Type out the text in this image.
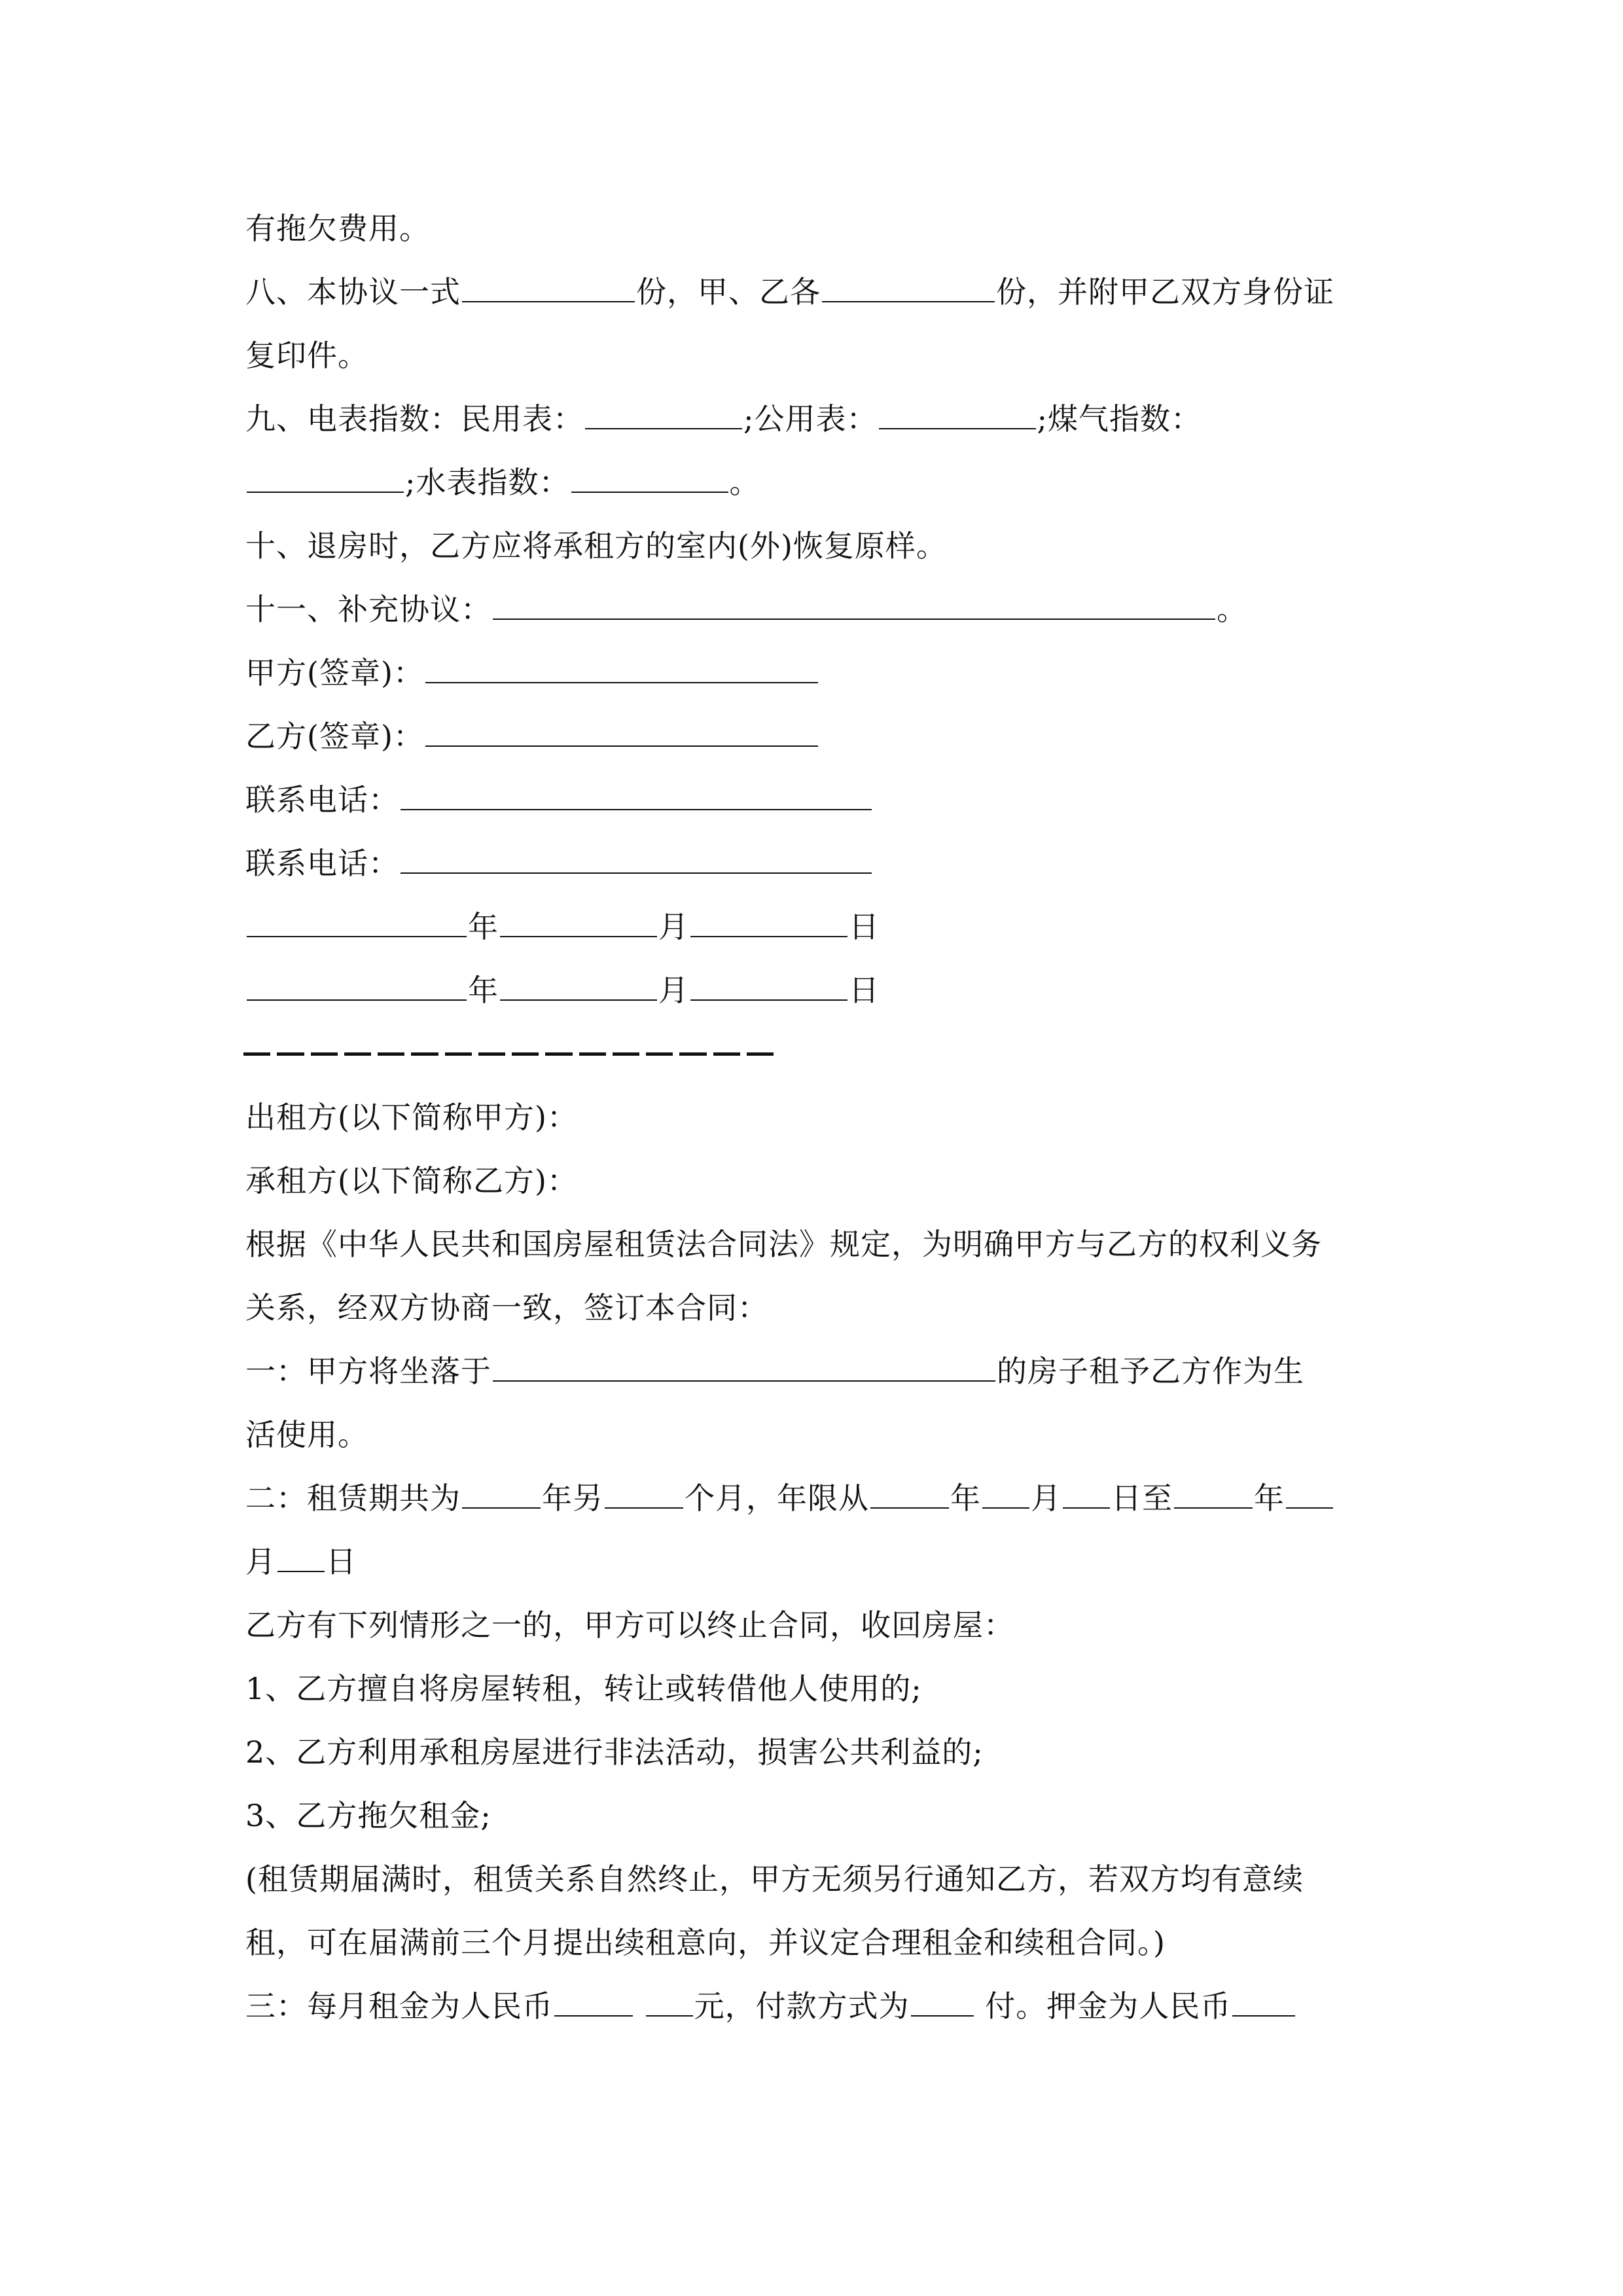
有拖欠费用。
八、本协议一式	份，甲、乙各	份，并附甲乙双方身份证
复印件。
九、电表指数：民用表：	;公用表：	;煤气指数：
;水表指数：	。
十、退房时，乙方应将承租方的室内(外)恢复原样。
十一、补充协议：	。
甲方(签章)：
乙方(签章)：
联系电话：
联系电话：
年	月	日
年	月	日
出租方(以下简称甲方)：
承租方(以下简称乙方)：
根据《中华人民共和国房屋租赁法合同法》规定，为明确甲方与乙方的权利义务
关系，经双方协商一致，签订本合同：
一：甲方将坐落于	的房子租予乙方作为生
活使用。
二：租赁期共为	年另	个月，年限从	年 月 日至	年
月 日
乙方有下列情形之一的，甲方可以终止合同，收回房屋：
1、乙方擅自将房屋转租，转让或转借他人使用的;
2、乙方利用承租房屋进行非法活动，损害公共利益的;
3、乙方拖欠租金;
(租赁期届满时，租赁关系自然终止，甲方无须另行通知乙方，若双方均有意续
租，可在届满前三个月提出续租意向，并议定合理租金和续租合同。)
三：每月租金为人民币	元，付款方式为 付。押金为人民币
